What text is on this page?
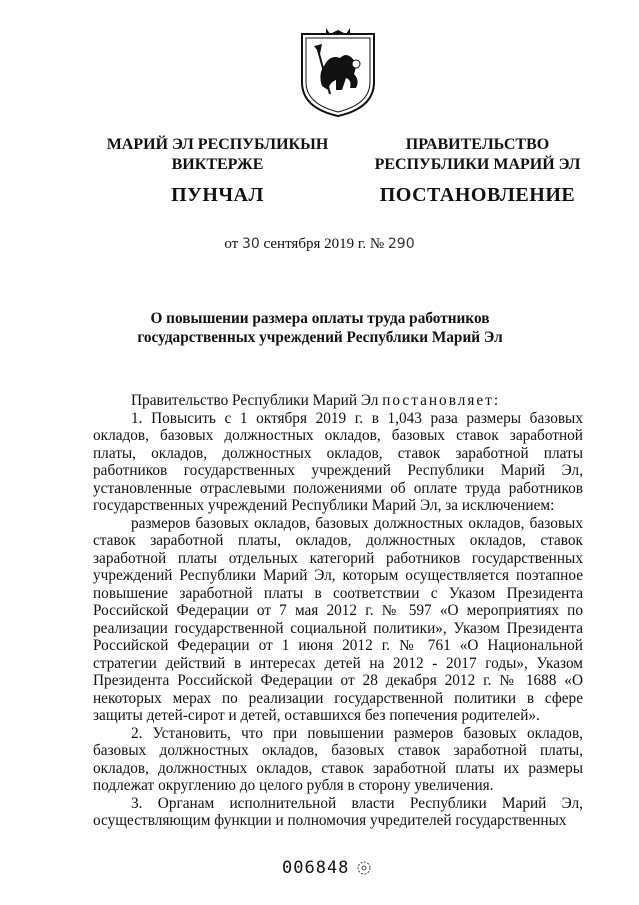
МАРИЙ ЭЛ РЕСПУБЛИКЫН
ВИКТЕРЖЕ
ПУНЧАЛ
ПРАВИТЕЛЬСТВО
РЕСПУБЛИКИ МАРИЙ ЭЛ
ПОСТАНОВЛЕНИЕ
от 30 сентября 2019 г. № 290
О повышении размера оплаты труда работников
государственных учреждений Республики Марий Эл

Правительство Республики Марий Эл постановляет:

1. Повысить с 1 октября 2019 г. в 1,043 раза размеры базовых окладов, базовых должностных окладов, базовых ставок заработной платы, окладов, должностных окладов, ставок заработной платы работников государственных учреждений Республики Марий Эл, установленные отраслевыми положениями об оплате труда работников государственных учреждений Республики Марий Эл, за исключением:

размеров базовых окладов, базовых должностных окладов, базовых ставок заработной платы, окладов, должностных окладов, ставок заработной платы отдельных категорий работников государственных учреждений Республики Марий Эл, которым осуществляется поэтапное повышение заработной платы в соответствии с Указом Президента Российской Федерации от 7 мая 2012 г. № 597 «О мероприятиях по реализации государственной социальной политики», Указом Президента Российской Федерации от 1 июня 2012 г. № 761 «О Национальной стратегии действий в интересах детей на 2012 - 2017 годы», Указом Президента Российской Федерации от 28 декабря 2012 г. № 1688 «О некоторых мерах по реализации государственной политики в сфере защиты детей-сирот и детей, оставшихся без попечения родителей».

2. Установить, что при повышении размеров базовых окладов, базовых должностных окладов, базовых ставок заработной платы, окладов, должностных окладов, ставок заработной платы их размеры подлежат округлению до целого рубля в сторону увеличения.

3. Органам исполнительной власти Республики Марий Эл, осуществляющим функции и полномочия учредителей государственных

006848
